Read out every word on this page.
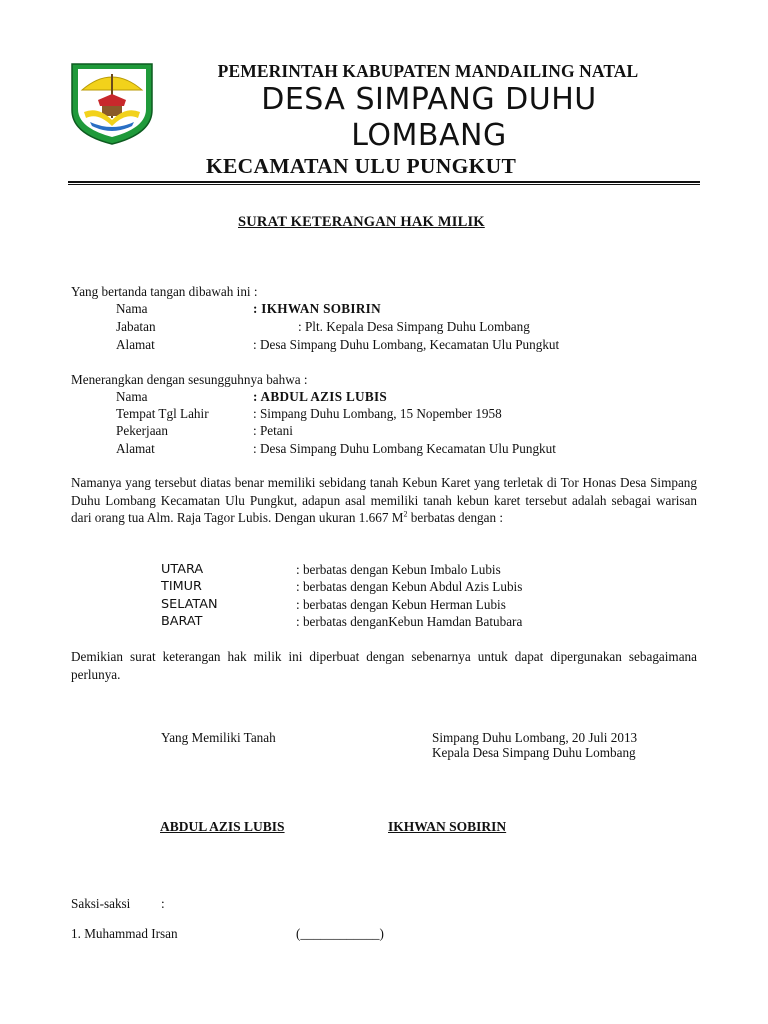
PEMERINTAH KABUPATEN MANDAILING NATAL
DESA SIMPANG DUHU LOMBANG
KECAMATAN ULU PUNGKUT
SURAT KETERANGAN HAK MILIK
Yang bertanda tangan dibawah ini :
Nama	: IKHWAN SOBIRIN
Jabatan	: Plt. Kepala Desa Simpang Duhu Lombang
Alamat	: Desa Simpang Duhu Lombang, Kecamatan Ulu Pungkut
Menerangkan dengan sesungguhnya bahwa :
Nama	: ABDUL AZIS LUBIS
Tempat Tgl Lahir	: Simpang Duhu Lombang, 15 Nopember 1958
Pekerjaan	: Petani
Alamat	: Desa Simpang Duhu Lombang Kecamatan Ulu Pungkut
Namanya yang tersebut diatas benar memiliki sebidang tanah Kebun Karet yang terletak di Tor Honas Desa Simpang Duhu Lombang Kecamatan Ulu Pungkut, adapun asal memiliki tanah kebun karet tersebut adalah sebagai warisan dari orang tua Alm. Raja Tagor Lubis. Dengan ukuran 1.667 $M^2$ berbatas dengan :
UTARA	: berbatas dengan Kebun Imbalo Lubis
TIMUR	: berbatas dengan Kebun Abdul Azis Lubis
SELATAN	: berbatas dengan Kebun Herman Lubis
BARAT	: berbatas denganKebun Hamdan Batubara
Demikian surat keterangan hak milik ini diperbuat dengan sebenarnya untuk dapat dipergunakan sebagaimana perlunya.
Yang Memiliki Tanah	Simpang Duhu Lombang, 20 Juli 2013
Kepala Desa Simpang Duhu Lombang
ABDUL AZIS LUBIS	IKHWAN SOBIRIN
Saksi-saksi :
1. Muhammad Irsan	(____________)
